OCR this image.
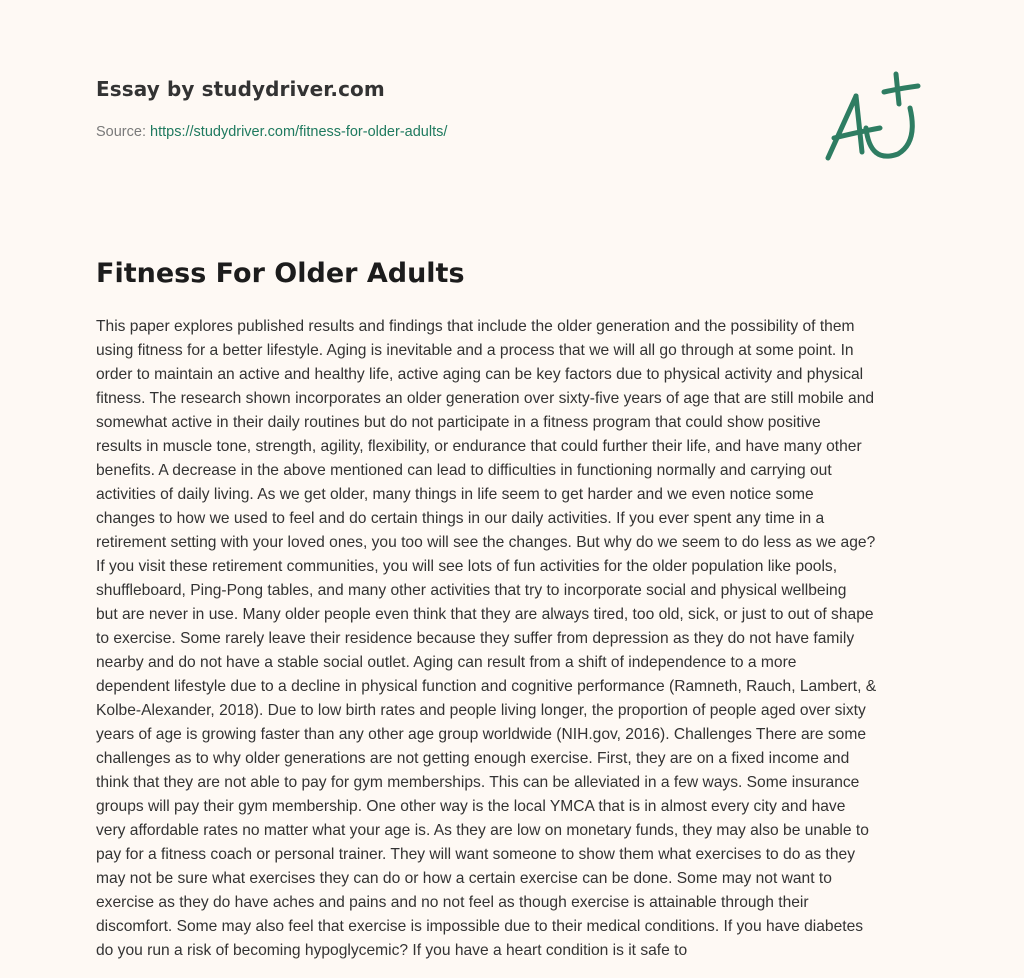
Essay by studydriver.com
Source: https://studydriver.com/fitness-for-older-adults/
Fitness For Older Adults
This paper explores published results and findings that include the older generation and the possibility of them
using fitness for a better lifestyle. Aging is inevitable and a process that we will all go through at some point. In
order to maintain an active and healthy life, active aging can be key factors due to physical activity and physical
fitness. The research shown incorporates an older generation over sixty-five years of age that are still mobile and
somewhat active in their daily routines but do not participate in a fitness program that could show positive
results in muscle tone, strength, agility, flexibility, or endurance that could further their life, and have many other
benefits. A decrease in the above mentioned can lead to difficulties in functioning normally and carrying out
activities of daily living. As we get older, many things in life seem to get harder and we even notice some
changes to how we used to feel and do certain things in our daily activities. If you ever spent any time in a
retirement setting with your loved ones, you too will see the changes. But why do we seem to do less as we age?
If you visit these retirement communities, you will see lots of fun activities for the older population like pools,
shuffleboard, Ping-Pong tables, and many other activities that try to incorporate social and physical wellbeing
but are never in use. Many older people even think that they are always tired, too old, sick, or just to out of shape
to exercise. Some rarely leave their residence because they suffer from depression as they do not have family
nearby and do not have a stable social outlet. Aging can result from a shift of independence to a more
dependent lifestyle due to a decline in physical function and cognitive performance (Ramneth, Rauch, Lambert, &
Kolbe-Alexander, 2018). Due to low birth rates and people living longer, the proportion of people aged over sixty
years of age is growing faster than any other age group worldwide (NIH.gov, 2016). Challenges There are some
challenges as to why older generations are not getting enough exercise. First, they are on a fixed income and
think that they are not able to pay for gym memberships. This can be alleviated in a few ways. Some insurance
groups will pay their gym membership. One other way is the local YMCA that is in almost every city and have
very affordable rates no matter what your age is. As they are low on monetary funds, they may also be unable to
pay for a fitness coach or personal trainer. They will want someone to show them what exercises to do as they
may not be sure what exercises they can do or how a certain exercise can be done. Some may not want to
exercise as they do have aches and pains and no not feel as though exercise is attainable through their
discomfort. Some may also feel that exercise is impossible due to their medical conditions. If you have diabetes
do you run a risk of becoming hypoglycemic? If you have a heart condition is it safe to
